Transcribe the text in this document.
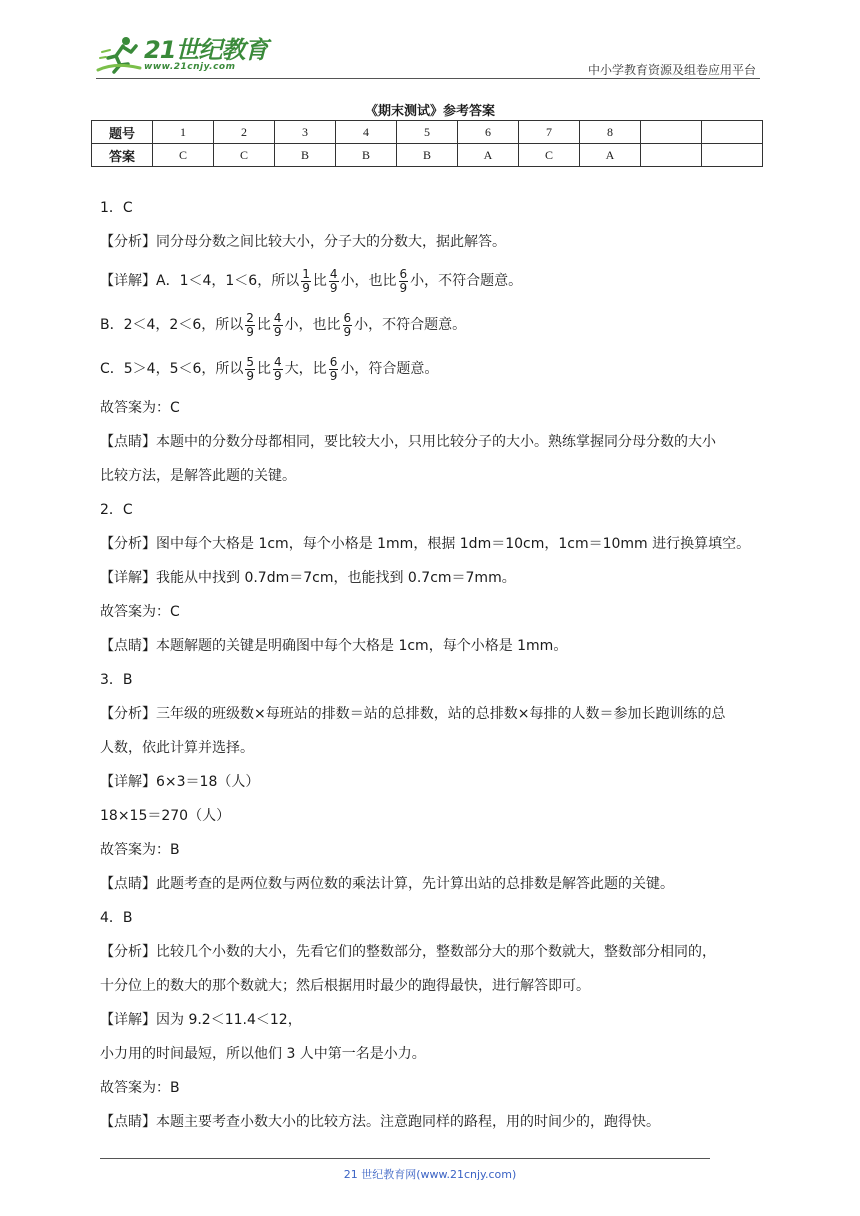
21世纪教育
www.21cnjy.com	中小学教育资源及组卷应用平台
《期末测试》参考答案
题号	1	2	3	4	5	6	7	8		
答案	C	C	B	B	B	A	C	A		

1．C

【分析】同分母分数之间比较大小，分子大的分数大，据此解答。

【详解】A．1＜4，1＜6，所以 $\frac{1}{9}$ 比 $\frac{4}{9}$ 小，也比 $\frac{6}{9}$ 小，不符合题意。

B．2＜4，2＜6，所以 $\frac{2}{9}$ 比 $\frac{4}{9}$ 小，也比 $\frac{6}{9}$ 小，不符合题意。

C．5＞4，5＜6，所以 $\frac{5}{9}$ 比 $\frac{4}{9}$ 大，比 $\frac{6}{9}$ 小，符合题意。

故答案为：C

【点睛】本题中的分数分母都相同，要比较大小，只用比较分子的大小。熟练掌握同分母分数的大小

比较方法，是解答此题的关键。

2．C

【分析】图中每个大格是 1cm，每个小格是 1mm，根据 1dm＝10cm，1cm＝10mm 进行换算填空。

【详解】我能从中找到 0.7dm＝7cm，也能找到 0.7cm＝7mm。

故答案为：C

【点睛】本题解题的关键是明确图中每个大格是 1cm，每个小格是 1mm。

3．B

【分析】三年级的班级数×每班站的排数＝站的总排数，站的总排数×每排的人数＝参加长跑训练的总

人数，依此计算并选择。

【详解】6×3＝18（人）

18×15＝270（人）

故答案为：B

【点睛】此题考查的是两位数与两位数的乘法计算，先计算出站的总排数是解答此题的关键。

4．B

【分析】比较几个小数的大小，先看它们的整数部分，整数部分大的那个数就大，整数部分相同的，

十分位上的数大的那个数就大；然后根据用时最少的跑得最快，进行解答即可。

【详解】因为 9.2＜11.4＜12，

小力用的时间最短，所以他们 3 人中第一名是小力。

故答案为：B

【点睛】本题主要考查小数大小的比较方法。注意跑同样的路程，用的时间少的，跑得快。

21 世纪教育网(www.21cnjy.com)
